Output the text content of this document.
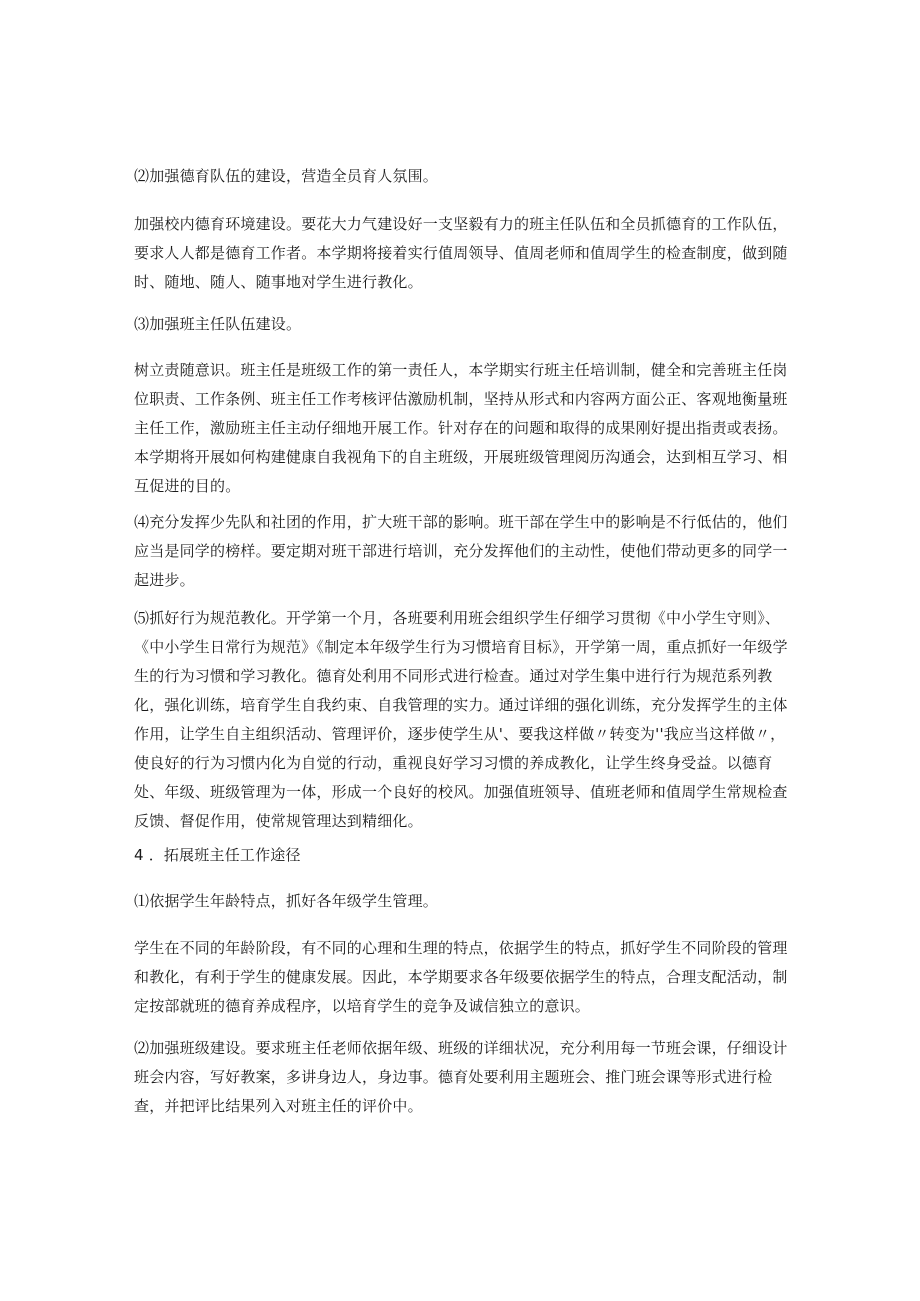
⑵加强德育队伍的建设，营造全员育人氛围。

加强校内德育环境建设。要花大力气建设好一支坚毅有力的班主任队伍和全员抓德育的工作队伍，要求人人都是德育工作者。本学期将接着实行值周领导、值周老师和值周学生的检查制度，做到随时、随地、随人、随事地对学生进行教化。

⑶加强班主任队伍建设。

树立责随意识。班主任是班级工作的第一责任人，本学期实行班主任培训制，健全和完善班主任岗位职责、工作条例、班主任工作考核评估激励机制，坚持从形式和内容两方面公正、客观地衡量班主任工作，激励班主任主动仔细地开展工作。针对存在的问题和取得的成果刚好提出指责或表扬。本学期将开展如何构建健康自我视角下的自主班级，开展班级管理阅历沟通会，达到相互学习、相互促进的目的。

⑷充分发挥少先队和社团的作用，扩大班干部的影响。班干部在学生中的影响是不行低估的，他们应当是同学的榜样。要定期对班干部进行培训，充分发挥他们的主动性，使他们带动更多的同学一起进步。

⑸抓好行为规范教化。开学第一个月，各班要利用班会组织学生仔细学习贯彻《中小学生守则》、《中小学生日常行为规范》《制定本年级学生行为习惯培育目标》，开学第一周，重点抓好一年级学生的行为习惯和学习教化。德育处利用不同形式进行检查。通过对学生集中进行行为规范系列教化，强化训练，培育学生自我约束、自我管理的实力。通过详细的强化训练，充分发挥学生的主体作用，让学生自主组织活动、管理评价，逐步使学生从'、要我这样做〃转变为''我应当这样做〃，使良好的行为习惯内化为自觉的行动，重视良好学习习惯的养成教化，让学生终身受益。以德育处、年级、班级管理为一体，形成一个良好的校风。加强值班领导、值班老师和值周学生常规检查反馈、督促作用，使常规管理达到精细化。

4 ．拓展班主任工作途径

⑴依据学生年龄特点，抓好各年级学生管理。

学生在不同的年龄阶段，有不同的心理和生理的特点，依据学生的特点，抓好学生不同阶段的管理和教化，有利于学生的健康发展。因此，本学期要求各年级要依据学生的特点，合理支配活动，制定按部就班的德育养成程序，以培育学生的竞争及诚信独立的意识。

⑵加强班级建设。要求班主任老师依据年级、班级的详细状况，充分利用每一节班会课，仔细设计班会内容，写好教案，多讲身边人，身边事。德育处要利用主题班会、推门班会课等形式进行检查，并把评比结果列入对班主任的评价中。
